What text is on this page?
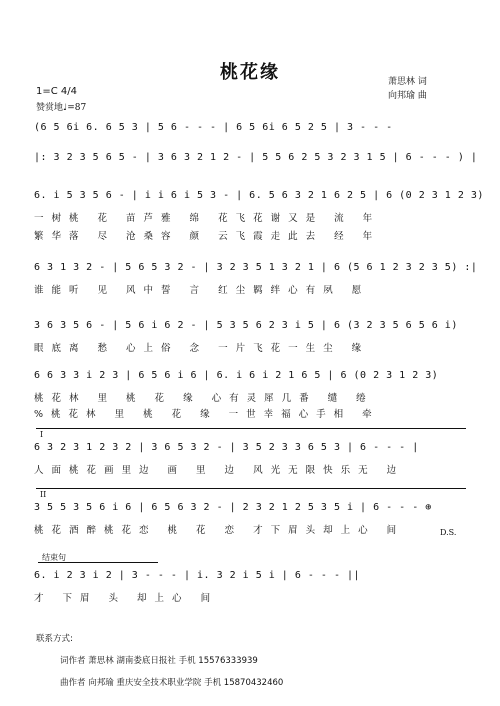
桃花缘	萧思林 词
向邦瑜 曲
1=C 4/4
赞赏地♩=87
(6 5 6i 6. 6 5 3 | 5 6 - - - | 6 5 6i 6 5 2 5 | 3 - - -
|: 3 2 3 5 6 5 - | 3 6 3 2 1 2 - | 5 5 6 2 5 3 2 3 1 5 | 6 - - - ) |
6. i 5 3 5 6 - | i i 6 i 5 3 - | 6. 5 6 3 2 1 6 2 5 | 6 (0 2 3 1 2 3)
一树桃 花 苗芦雅 绵 花飞花谢又是 流 年
繁华落 尽 沧桑容 颜 云飞霞走此去 经 年
6 3 1 3 2 - | 5 6 5 3 2 - | 3 2 3 5 1 3 2 1 | 6 (5 6 1 2 3 2 3 5) :|
谁能听 见 风中誓 言 红尘羁绊心有夙 愿
3 6 3 5 6 - | 5 6 i 6 2 - | 5 3 5 6 2 3 i 5 | 6 (3 2 3 5 6 5 6 i)
眼底离 愁 心上俗 念 一片飞花一生尘 缘
6 6 3 3 i 2 3 | 6 5 6 i 6 | 6. i 6 i 2 1 6 5 | 6 (0 2 3 1 2 3)
桃花林 里 桃 花 缘 心有灵犀几番 缱 绻
%桃花林 里 桃 花 缘 一世幸福心手相 牵
I
6 3 2 3 1 2 3 2 | 3 6 5 3 2 - | 3 5 2 3 3 6 5 3 | 6 - - - |
人面桃花画里边 画 里 边 风光无限快乐无 边
II
3 5 5 3 5 6 i 6 | 6 5 6 3 2 - | 2 3 2 1 2 5 3 5 i | 6 - - - ⊕
桃花酒醉桃花恋 桃 花 恋 才下眉头却上心 间	D.S.
结束句
6. i 2 3 i 2 | 3 - - - | i. 3 2 i 5 i | 6 - - - ||
才 下眉 头 却上心 间
联系方式:
词作者 萧思林 湖南娄底日报社 手机 15576333939
曲作者 向邦瑜 重庆安全技术职业学院 手机 15870432460
